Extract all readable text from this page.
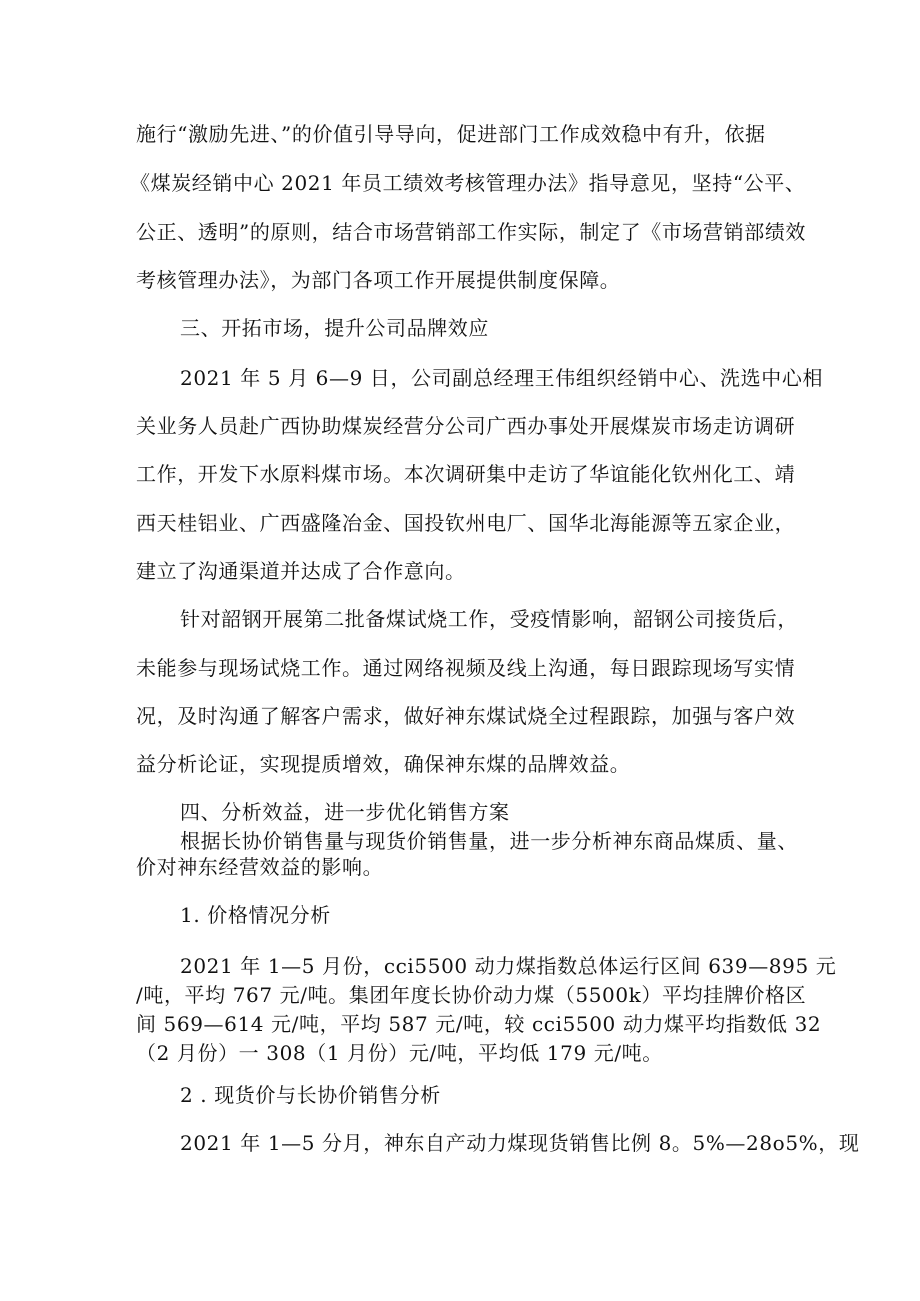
施行“激励先进、”的价值引导导向，促进部门工作成效稳中有升，依据
《煤炭经销中心 2021 年员工绩效考核管理办法》指导意见，坚持“公平、
公正、透明”的原则，结合市场营销部工作实际，制定了《市场营销部绩效
考核管理办法》，为部门各项工作开展提供制度保障。
三、开拓市场，提升公司品牌效应
2021 年 5 月 6—9 日，公司副总经理王伟组织经销中心、洗选中心相
关业务人员赴广西协助煤炭经营分公司广西办事处开展煤炭市场走访调研
工作，开发下水原料煤市场。本次调研集中走访了华谊能化钦州化工、靖
西天桂铝业、广西盛隆冶金、国投钦州电厂、国华北海能源等五家企业，
建立了沟通渠道并达成了合作意向。
针对韶钢开展第二批备煤试烧工作，受疫情影响，韶钢公司接货后，
未能参与现场试烧工作。通过网络视频及线上沟通，每日跟踪现场写实情
况，及时沟通了解客户需求，做好神东煤试烧全过程跟踪，加强与客户效
益分析论证，实现提质增效，确保神东煤的品牌效益。
四、分析效益，进一步优化销售方案
根据长协价销售量与现货价销售量，进一步分析神东商品煤质、量、
价对神东经营效益的影响。
1. 价格情况分析
2021 年 1—5 月份，cci5500 动力煤指数总体运行区间 639—895 元
/吨，平均 767 元/吨。集团年度长协价动力煤（5500k）平均挂牌价格区
间 569—614 元/吨，平均 587 元/吨，较 cci5500 动力煤平均指数低 32
（2 月份）一 308（1 月份）元/吨，平均低 179 元/吨。
2 . 现货价与长协价销售分析
2021 年 1—5 分月，神东自产动力煤现货销售比例 8。5%—28o5%，现
